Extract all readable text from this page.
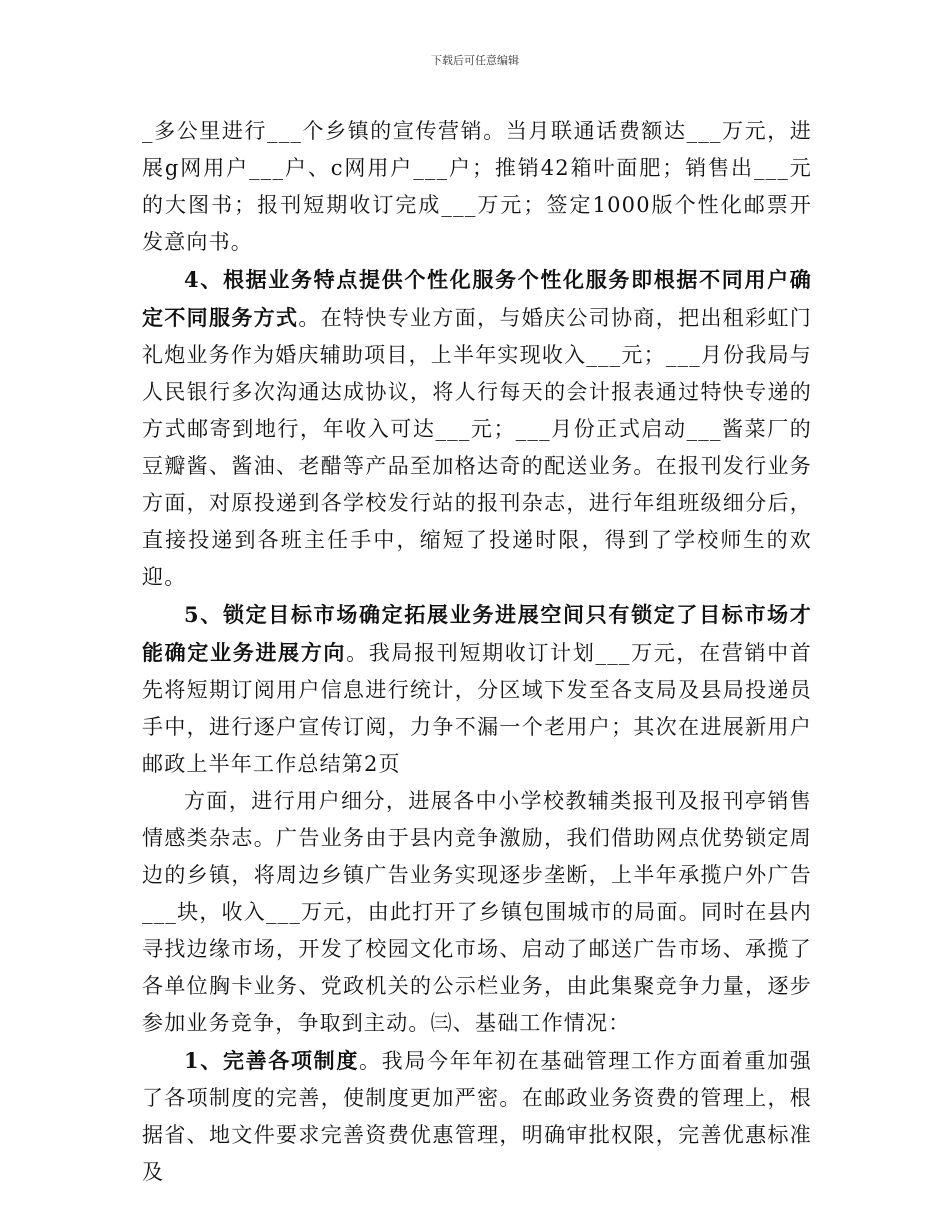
下载后可任意编辑

_多公里进行___个乡镇的宣传营销。当月联通话费额达___万元，进展g网用户___户、c网用户___户；推销42箱叶面肥；销售出___元的大图书；报刊短期收订完成___万元；签定1000版个性化邮票开发意向书。

4、根据业务特点提供个性化服务个性化服务即根据不同用户确定不同服务方式。在特快专业方面，与婚庆公司协商，把出租彩虹门礼炮业务作为婚庆辅助项目，上半年实现收入___元；___月份我局与人民银行多次沟通达成协议，将人行每天的会计报表通过特快专递的方式邮寄到地行，年收入可达___元；___月份正式启动___酱菜厂的豆瓣酱、酱油、老醋等产品至加格达奇的配送业务。在报刊发行业务方面，对原投递到各学校发行站的报刊杂志，进行年组班级细分后，直接投递到各班主任手中，缩短了投递时限，得到了学校师生的欢迎。

5、锁定目标市场确定拓展业务进展空间只有锁定了目标市场才能确定业务进展方向。我局报刊短期收订计划___万元，在营销中首先将短期订阅用户信息进行统计，分区域下发至各支局及县局投递员手中，进行逐户宣传订阅，力争不漏一个老用户；其次在进展新用户邮政上半年工作总结第2页

方面，进行用户细分，进展各中小学校教辅类报刊及报刊亭销售情感类杂志。广告业务由于县内竞争激励，我们借助网点优势锁定周边的乡镇，将周边乡镇广告业务实现逐步垄断，上半年承揽户外广告___块，收入___万元，由此打开了乡镇包围城市的局面。同时在县内寻找边缘市场，开发了校园文化市场、启动了邮送广告市场、承揽了各单位胸卡业务、党政机关的公示栏业务，由此集聚竞争力量，逐步参加业务竞争，争取到主动。㈢、基础工作情况：

1、完善各项制度。我局今年年初在基础管理工作方面着重加强了各项制度的完善，使制度更加严密。在邮政业务资费的管理上，根据省、地文件要求完善资费优惠管理，明确审批权限，完善优惠标准及
